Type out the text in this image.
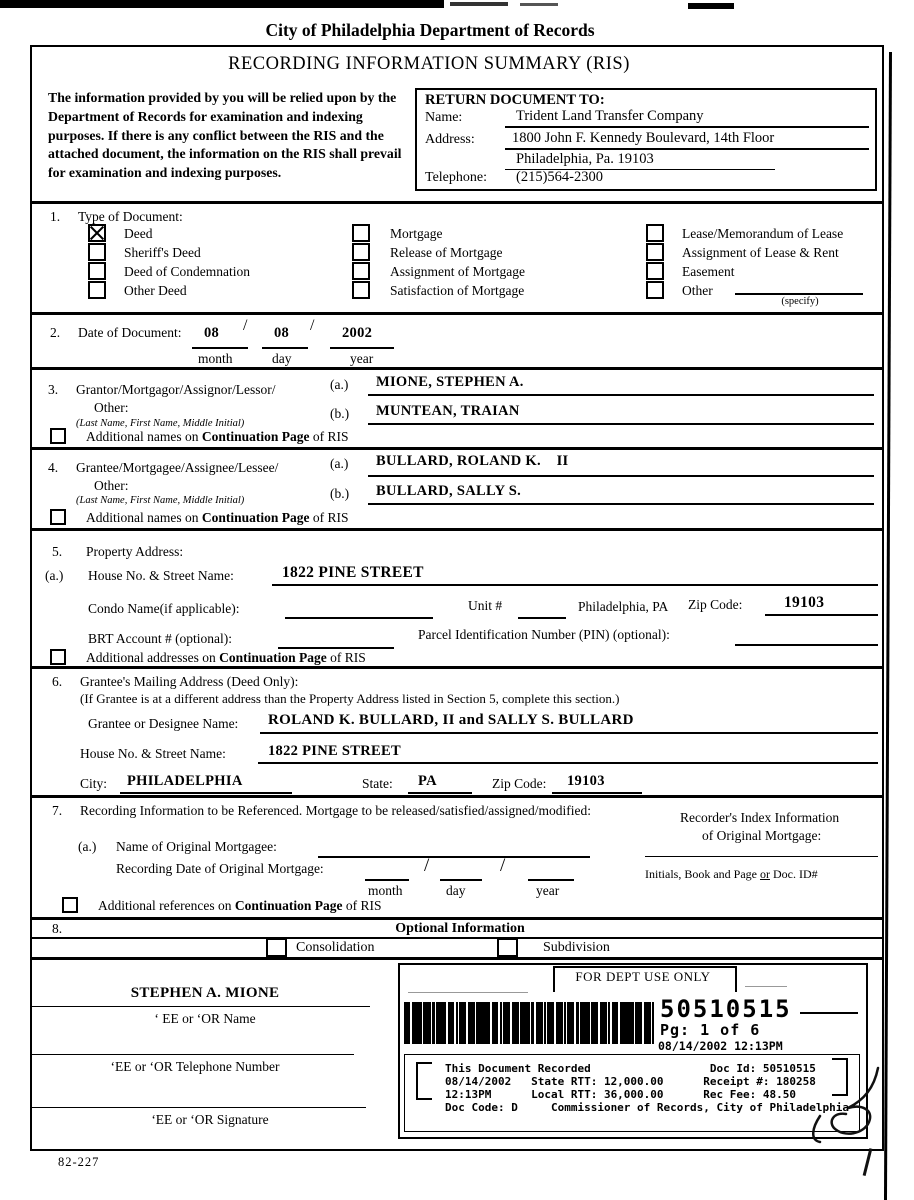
City of Philadelphia Department of Records
RECORDING INFORMATION SUMMARY (RIS)
The information provided by you will be relied upon by the Department of Records for examination and indexing purposes. If there is any conflict between the RIS and the attached document, the information on the RIS shall prevail for examination and indexing purposes.
RETURN DOCUMENT TO:
Name:	Trident Land Transfer Company
Address:	1800 John F. Kennedy Boulevard, 14th Floor
Philadelphia, Pa. 19103
Telephone: (215)564-2300
1. Type of Document:
Deed
Sheriff's Deed
Deed of Condemnation
Other Deed
Mortgage
Release of Mortgage
Assignment of Mortgage
Satisfaction of Mortgage
Lease/Memorandum of Lease
Assignment of Lease & Rent
Easement
Other
(specify)
2. Date of Document: 08 / 08 / 2002
month	day	year
3. Grantor/Mortgagor/Assignor/Lessor/
Other:
(Last Name, First Name, Middle Initial)
(a.) MIONE, STEPHEN A.
(b.) MUNTEAN, TRAIAN
Additional names on Continuation Page of RIS
4. Grantee/Mortgagee/Assignee/Lessee/
Other:
(Last Name, First Name, Middle Initial)
(a.) BULLARD, ROLAND K.    II
(b.) BULLARD, SALLY S.
Additional names on Continuation Page of RIS
5. Property Address:
(a.) House No. & Street Name:	1822 PINE STREET
Condo Name(if applicable):	Unit #	Philadelphia, PA Zip Code:	19103
BRT Account # (optional):	Parcel Identification Number (PIN) (optional):
Additional addresses on Continuation Page of RIS
6. Grantee's Mailing Address (Deed Only):
(If Grantee is at a different address than the Property Address listed in Section 5, complete this section.)
Grantee or Designee Name: ROLAND K. BULLARD, II and SALLY S. BULLARD
House No. & Street Name:	1822 PINE STREET
City: PHILADELPHIA	State: PA	Zip Code: 19103
7. Recording Information to be Referenced. Mortgage to be released/satisfied/assigned/modified:	Recorder's Index Information
of Original Mortgage:
(a.) Name of Original Mortgagee:
Recording Date of Original Mortgage:	/	/
month	day	year
Initials, Book and Page or Doc. ID#
Additional references on Continuation Page of RIS
8.	Optional Information
Consolidation	Subdivision
STEPHEN A. MIONE
‘ EE or ‘OR Name
‘EE or ‘OR Telephone Number
‘EE or ‘OR Signature
82-227
FOR DEPT USE ONLY
50510515
Pg: 1 of 6
08/14/2002 12:13PM
This Document Recorded                  Doc Id: 50510515
08/14/2002   State RTT: 12,000.00      Receipt #: 180258
12:13PM      Local RTT: 36,000.00      Rec Fee: 48.50
Doc Code: D     Commissioner of Records, City of Philadelphia
